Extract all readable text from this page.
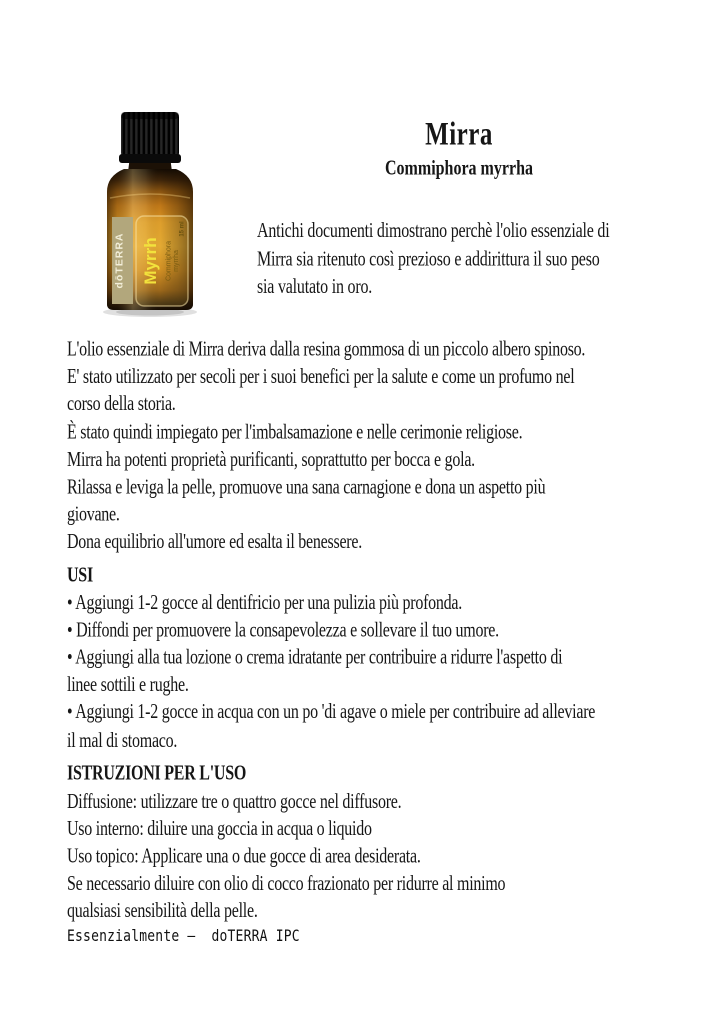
dōTERRA Myrrh Commiphora myrrha
15 ml
Mirra
Commiphora myrrha
Antichi documenti dimostrano perchè l'olio essenziale di
Mirra sia ritenuto così prezioso e addirittura il suo peso
sia valutato in oro.
L'olio essenziale di Mirra deriva dalla resina gommosa di un piccolo albero spinoso.
E' stato utilizzato per secoli per i suoi benefici per la salute e come un profumo nel
corso della storia.
È stato quindi impiegato per l'imbalsamazione e nelle cerimonie religiose.
Mirra ha potenti proprietà purificanti, soprattutto per bocca e gola.
Rilassa e leviga la pelle, promuove una sana carnagione e dona un aspetto più
giovane.
Dona equilibrio all'umore ed esalta il benessere.
USI
• Aggiungi 1-2 gocce al dentifricio per una pulizia più profonda.
• Diffondi per promuovere la consapevolezza e sollevare il tuo umore.
• Aggiungi alla tua lozione o crema idratante per contribuire a ridurre l'aspetto di
linee sottili e rughe.
• Aggiungi 1-2 gocce in acqua con un po 'di agave o miele per contribuire ad alleviare
il mal di stomaco.
ISTRUZIONI PER L'USO
Diffusione: utilizzare tre o quattro gocce nel diffusore.
Uso interno: diluire una goccia in acqua o liquido
Uso topico: Applicare una o due gocce di area desiderata.
Se necessario diluire con olio di cocco frazionato per ridurre al minimo
qualsiasi sensibilità della pelle.
Essenzialmente –  doTERRA IPC
